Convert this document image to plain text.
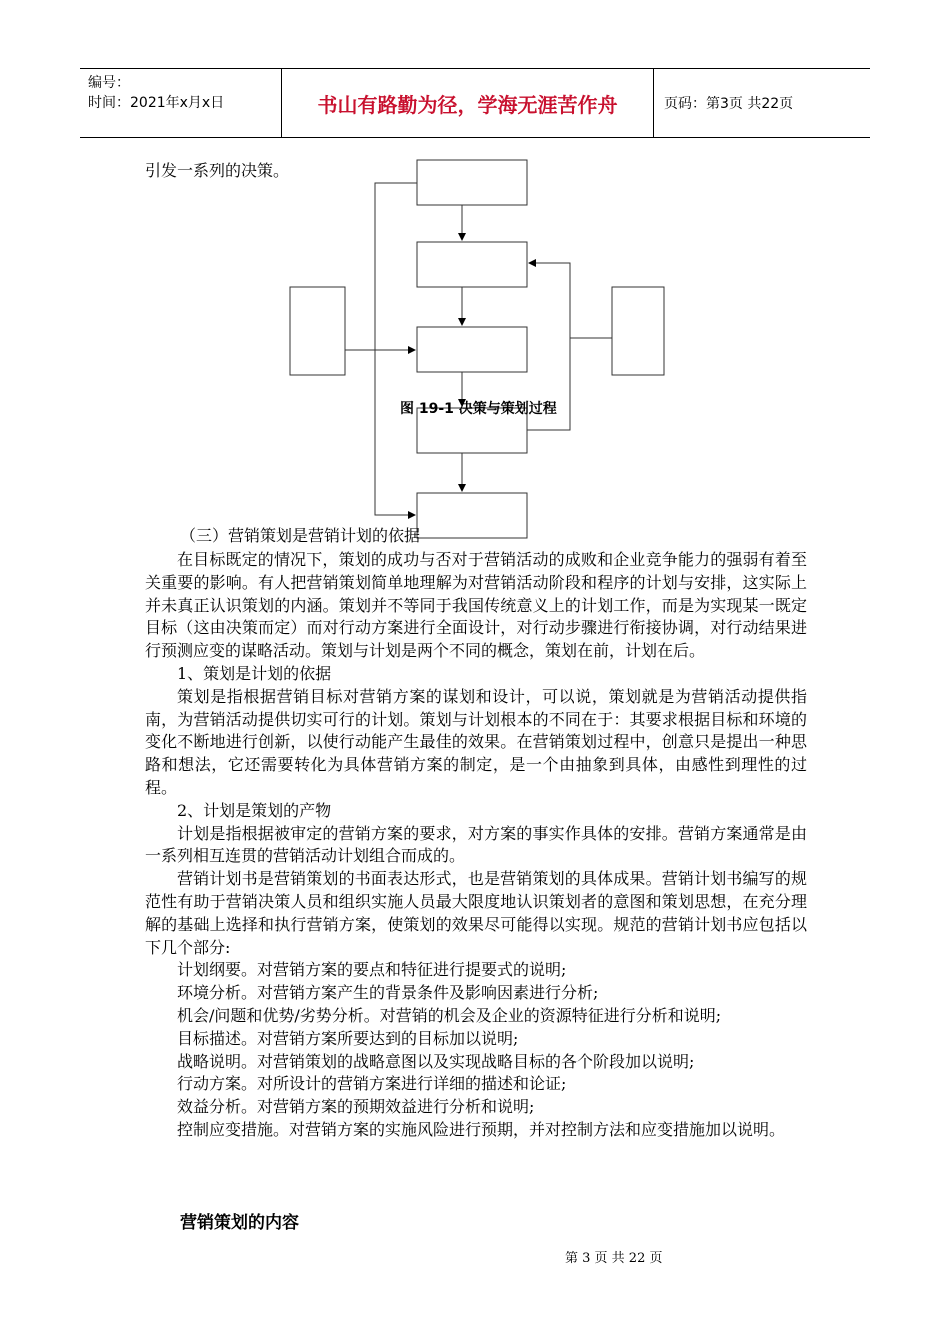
编号：
时间：2021年x月x日	书山有路勤为径，学海无涯苦作舟	页码：第3页 共22页
引发一系列的决策。
图 19-1 决策与策划过程
（三）营销策划是营销计划的依据

在目标既定的情况下，策划的成功与否对于营销活动的成败和企业竞争能力的强弱有着至关重要的影响。有人把营销策划简单地理解为对营销活动阶段和程序的计划与安排，这实际上并未真正认识策划的内涵。策划并不等同于我国传统意义上的计划工作，而是为实现某一既定目标（这由决策而定）而对行动方案进行全面设计，对行动步骤进行衔接协调，对行动结果进行预测应变的谋略活动。策划与计划是两个不同的概念，策划在前，计划在后。

1、策划是计划的依据

策划是指根据营销目标对营销方案的谋划和设计，可以说，策划就是为营销活动提供指南，为营销活动提供切实可行的计划。策划与计划根本的不同在于：其要求根据目标和环境的变化不断地进行创新，以使行动能产生最佳的效果。在营销策划过程中，创意只是提出一种思路和想法，它还需要转化为具体营销方案的制定，是一个由抽象到具体，由感性到理性的过程。

2、计划是策划的产物

计划是指根据被审定的营销方案的要求，对方案的事实作具体的安排。营销方案通常是由一系列相互连贯的营销活动计划组合而成的。

营销计划书是营销策划的书面表达形式，也是营销策划的具体成果。营销计划书编写的规范性有助于营销决策人员和组织实施人员最大限度地认识策划者的意图和策划思想，在充分理解的基础上选择和执行营销方案，使策划的效果尽可能得以实现。规范的营销计划书应包括以下几个部分:

计划纲要。对营销方案的要点和特征进行提要式的说明;

环境分析。对营销方案产生的背景条件及影响因素进行分析;

机会/问题和优势/劣势分析。对营销的机会及企业的资源特征进行分析和说明;

目标描述。对营销方案所要达到的目标加以说明;

战略说明。对营销策划的战略意图以及实现战略目标的各个阶段加以说明;

行动方案。对所设计的营销方案进行详细的描述和论证;

效益分析。对营销方案的预期效益进行分析和说明;

控制应变措施。对营销方案的实施风险进行预期，并对控制方法和应变措施加以说明。

营销策划的内容
第 3 页 共 22 页
